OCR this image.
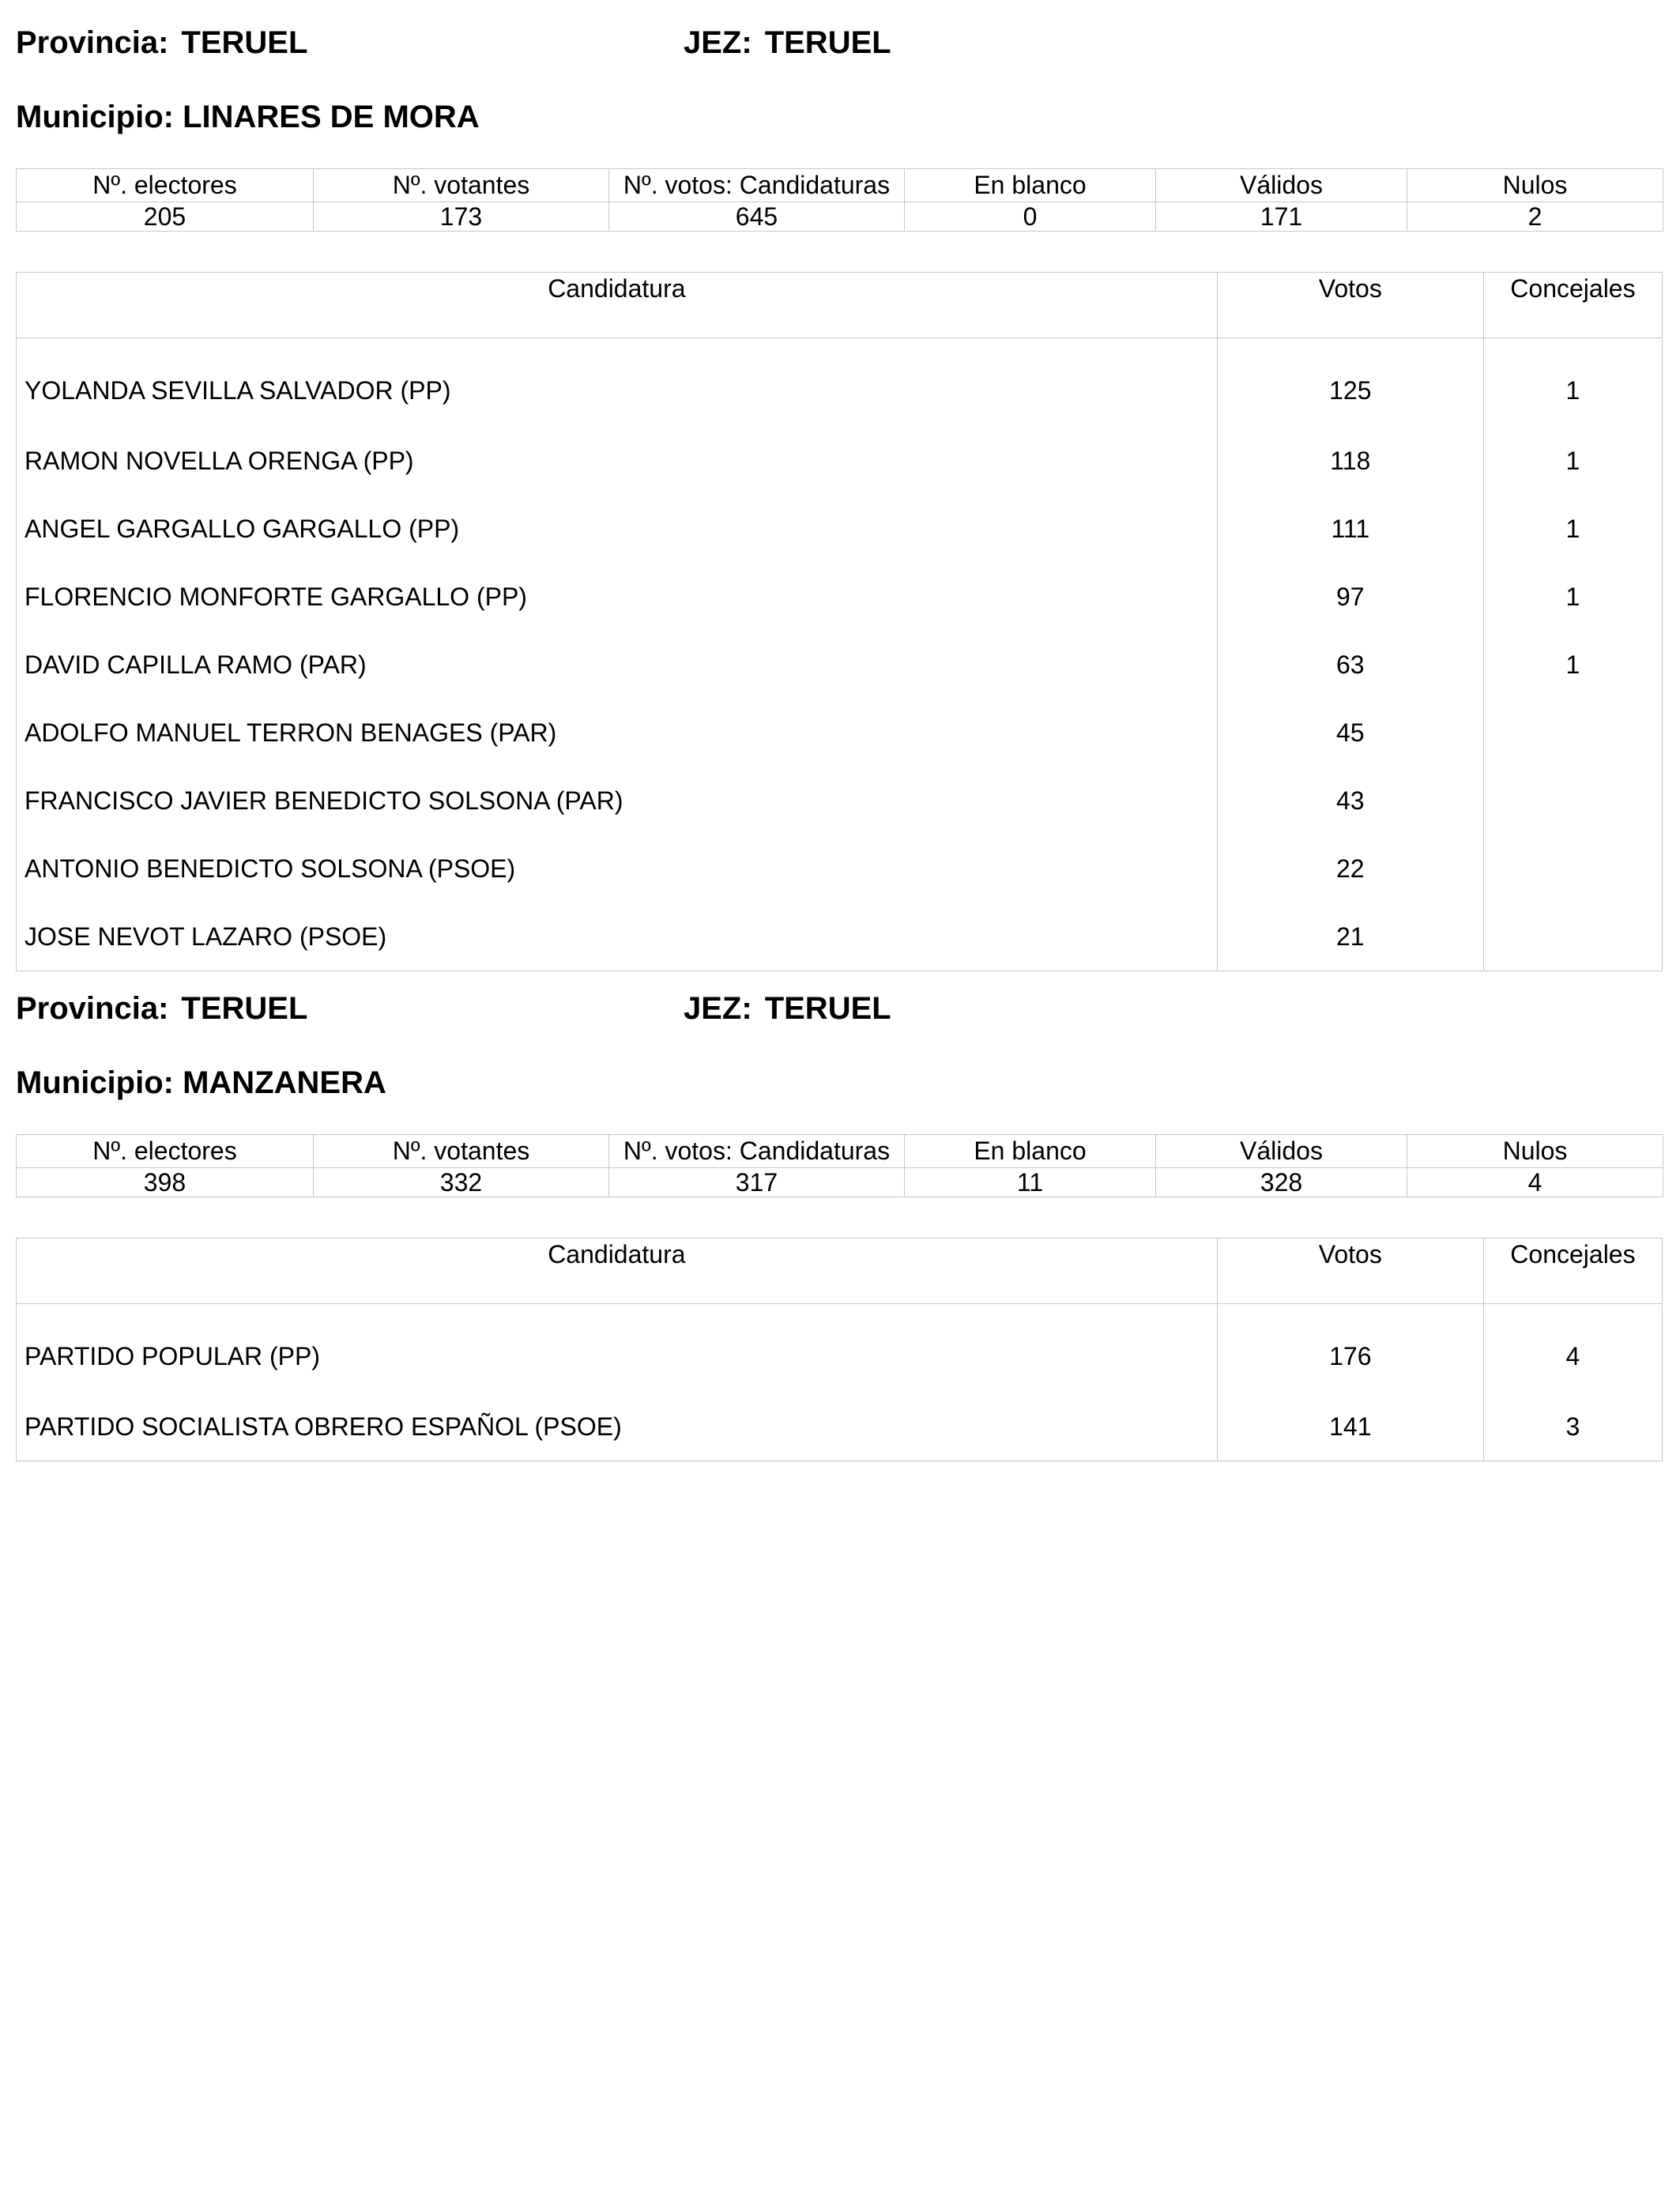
Provincia: TERUEL	JEZ: TERUEL
Municipio: LINARES DE MORA
Nº. electores	Nº. votantes	Nº. votos: Candidaturas	En blanco	Válidos	Nulos
205	173	645	0	171	2
Candidatura	Votos	Concejales
YOLANDA SEVILLA SALVADOR (PP)	125	1
RAMON NOVELLA ORENGA (PP)	118	1
ANGEL GARGALLO GARGALLO (PP)	111	1
FLORENCIO MONFORTE GARGALLO (PP)	97	1
DAVID CAPILLA RAMO (PAR)	63	1
ADOLFO MANUEL TERRON BENAGES (PAR)	45	
FRANCISCO JAVIER BENEDICTO SOLSONA (PAR)	43	
ANTONIO BENEDICTO SOLSONA (PSOE)	22	
JOSE NEVOT LAZARO (PSOE)	21	
Provincia: TERUEL	JEZ: TERUEL
Municipio: MANZANERA
Nº. electores	Nº. votantes	Nº. votos: Candidaturas	En blanco	Válidos	Nulos
398	332	317	11	328	4
Candidatura	Votos	Concejales
PARTIDO POPULAR (PP)	176	4
PARTIDO SOCIALISTA OBRERO ESPAÑOL (PSOE)	141	3
